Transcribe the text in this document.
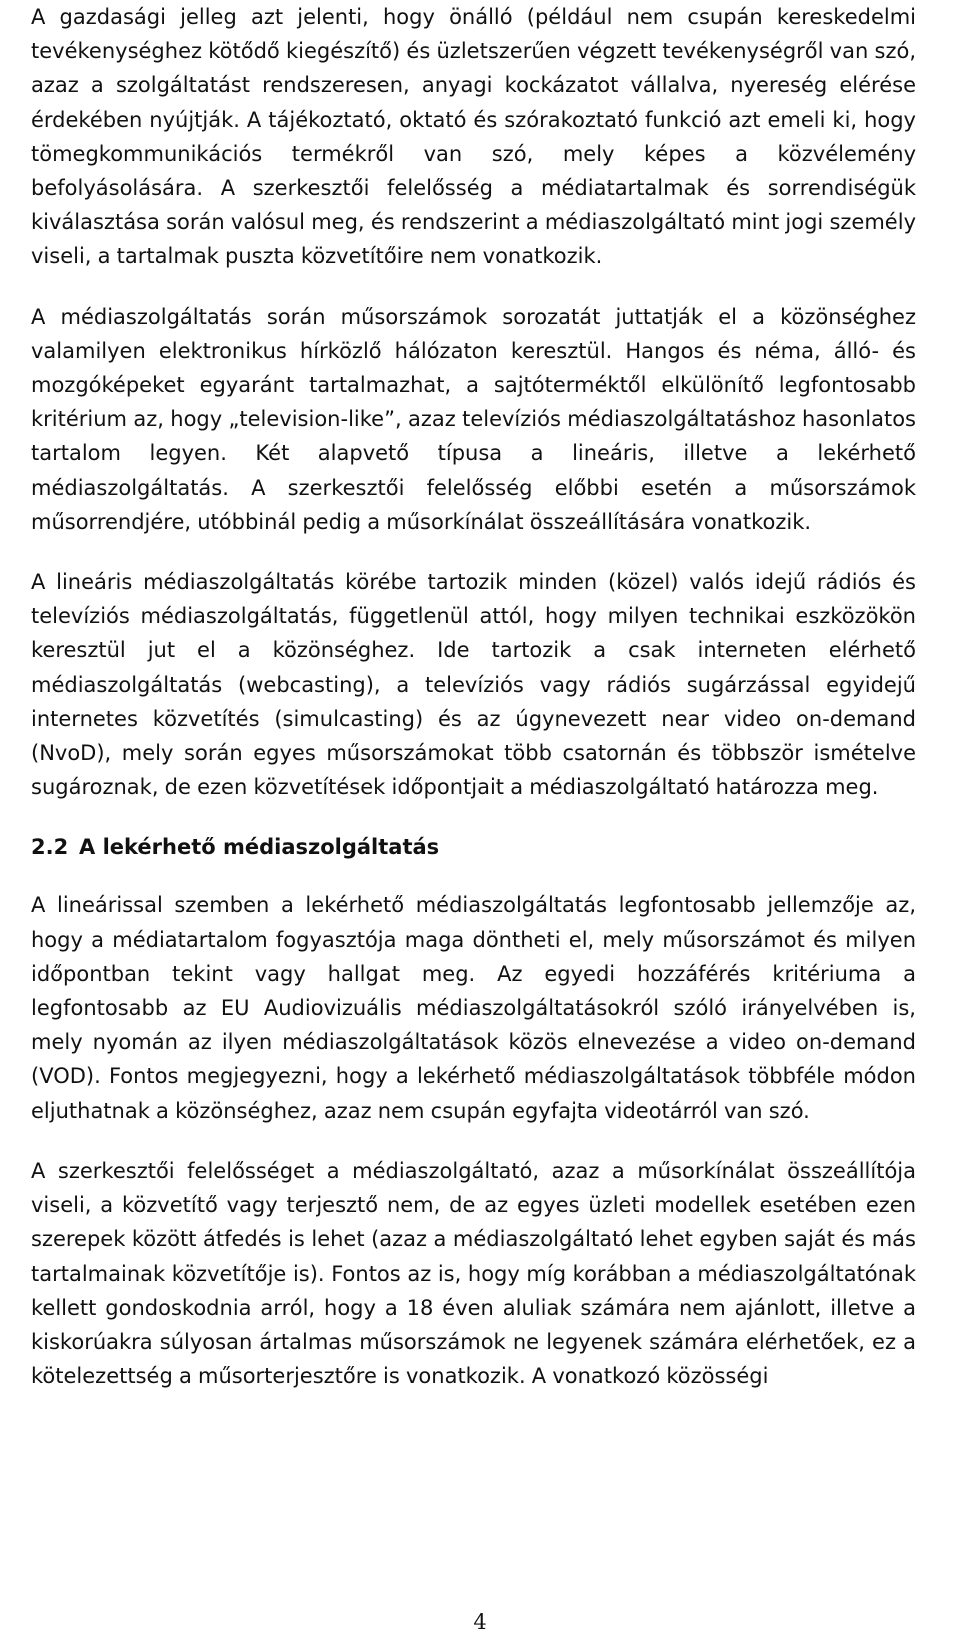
A gazdasági jelleg azt jelenti, hogy önálló (például nem csupán kereskedelmi tevékenységhez kötődő kiegészítő) és üzletszerűen végzett tevékenységről van szó, azaz a szolgáltatást rendszeresen, anyagi kockázatot vállalva, nyereség elérése érdekében nyújtják. A tájékoztató, oktató és szórakoztató funkció azt emeli ki, hogy tömegkommunikációs termékről van szó, mely képes a közvélemény befolyásolására. A szerkesztői felelősség a médiatartalmak és sorrendiségük kiválasztása során valósul meg, és rendszerint a médiaszolgáltató mint jogi személy viseli, a tartalmak puszta közvetítőire nem vonatkozik.

A médiaszolgáltatás során műsorszámok sorozatát juttatják el a közönséghez valamilyen elektronikus hírközlő hálózaton keresztül. Hangos és néma, álló- és mozgóképeket egyaránt tartalmazhat, a sajtóterméktől elkülönítő legfontosabb kritérium az, hogy „television-like”, azaz televíziós médiaszolgáltatáshoz hasonlatos tartalom legyen. Két alapvető típusa a lineáris, illetve a lekérhető médiaszolgáltatás. A szerkesztői felelősség előbbi esetén a műsorszámok műsorrendjére, utóbbinál pedig a műsorkínálat összeállítására vonatkozik.

A lineáris médiaszolgáltatás körébe tartozik minden (közel) valós idejű rádiós és televíziós médiaszolgáltatás, függetlenül attól, hogy milyen technikai eszközökön keresztül jut el a közönséghez. Ide tartozik a csak interneten elérhető médiaszolgáltatás (webcasting), a televíziós vagy rádiós sugárzással egyidejű internetes közvetítés (simulcasting) és az úgynevezett near video on-demand (NvoD), mely során egyes műsorszámokat több csatornán és többször ismételve sugároznak, de ezen közvetítések időpontjait a médiaszolgáltató határozza meg.

2.2 A lekérhető médiaszolgáltatás

A lineárissal szemben a lekérhető médiaszolgáltatás legfontosabb jellemzője az, hogy a médiatartalom fogyasztója maga döntheti el, mely műsorszámot és milyen időpontban tekint vagy hallgat meg. Az egyedi hozzáférés kritériuma a legfontosabb az EU Audiovizuális médiaszolgáltatásokról szóló irányelvében is, mely nyomán az ilyen médiaszolgáltatások közös elnevezése a video on-demand (VOD). Fontos megjegyezni, hogy a lekérhető médiaszolgáltatások többféle módon eljuthatnak a közönséghez, azaz nem csupán egyfajta videotárról van szó.

A szerkesztői felelősséget a médiaszolgáltató, azaz a műsorkínálat összeállítója viseli, a közvetítő vagy terjesztő nem, de az egyes üzleti modellek esetében ezen szerepek között átfedés is lehet (azaz a médiaszolgáltató lehet egyben saját és más tartalmainak közvetítője is). Fontos az is, hogy míg korábban a médiaszolgáltatónak kellett gondoskodnia arról, hogy a 18 éven aluliak számára nem ajánlott, illetve a kiskorúakra súlyosan ártalmas műsorszámok ne legyenek számára elérhetőek, ez a kötelezettség a műsorterjesztőre is vonatkozik. A vonatkozó közösségi

4
